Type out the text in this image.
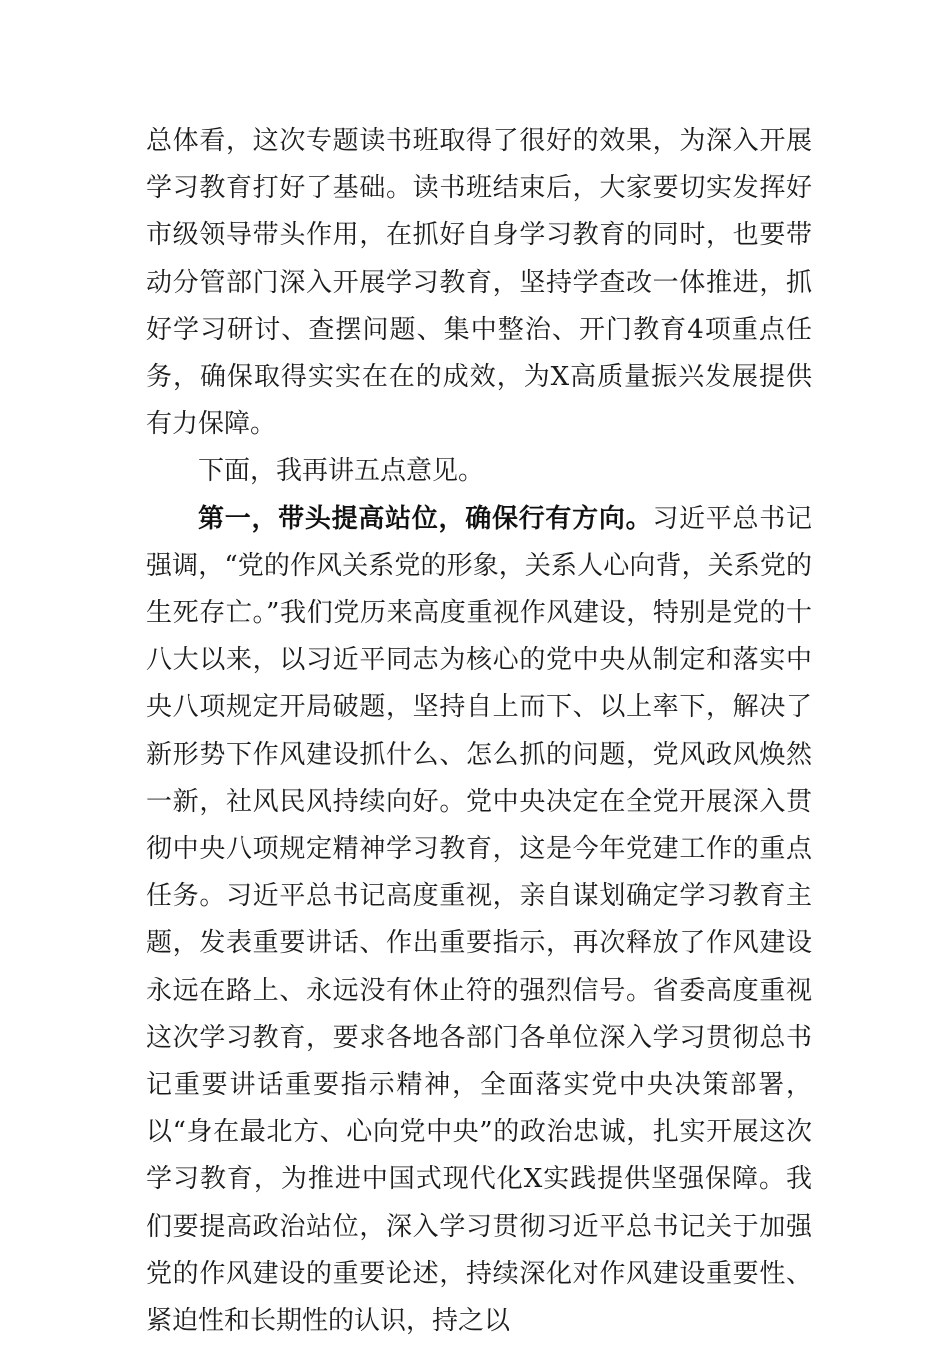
总体看，这次专题读书班取得了很好的效果，为深入开展学习教育打好了基础。读书班结束后，大家要切实发挥好市级领导带头作用，在抓好自身学习教育的同时，也要带动分管部门深入开展学习教育，坚持学查改一体推进，抓好学习研讨、查摆问题、集中整治、开门教育4项重点任务，确保取得实实在在的成效，为X高质量振兴发展提供有力保障。

下面，我再讲五点意见。

第一，带头提高站位，确保行有方向。习近平总书记强调，“党的作风关系党的形象，关系人心向背，关系党的生死存亡。”我们党历来高度重视作风建设，特别是党的十八大以来，以习近平同志为核心的党中央从制定和落实中央八项规定开局破题，坚持自上而下、以上率下，解决了新形势下作风建设抓什么、怎么抓的问题，党风政风焕然一新，社风民风持续向好。党中央决定在全党开展深入贯彻中央八项规定精神学习教育，这是今年党建工作的重点任务。习近平总书记高度重视，亲自谋划确定学习教育主题，发表重要讲话、作出重要指示，再次释放了作风建设永远在路上、永远没有休止符的强烈信号。省委高度重视这次学习教育，要求各地各部门各单位深入学习贯彻总书记重要讲话重要指示精神，全面落实党中央决策部署，以“身在最北方、心向党中央”的政治忠诚，扎实开展这次学习教育，为推进中国式现代化X实践提供坚强保障。我们要提高政治站位，深入学习贯彻习近平总书记关于加强党的作风建设的重要论述，持续深化对作风建设重要性、紧迫性和长期性的认识，持之以
